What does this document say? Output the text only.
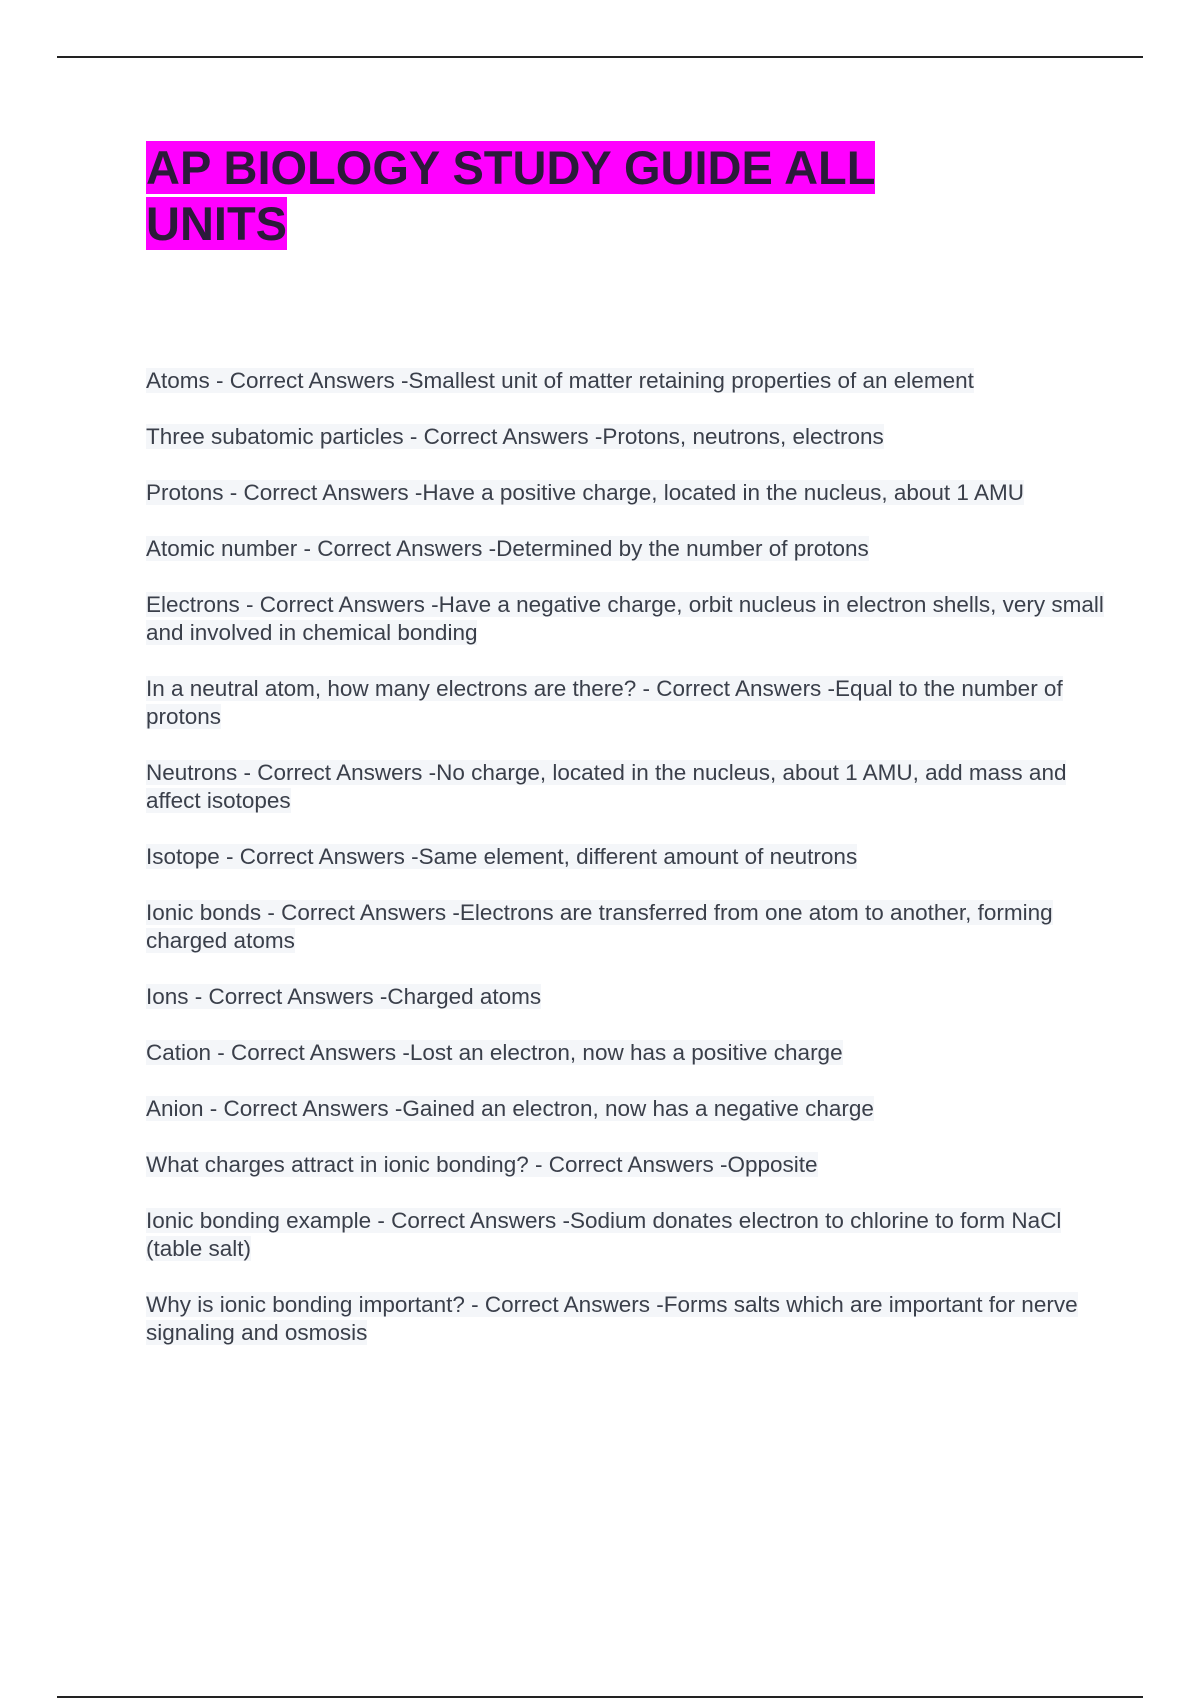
AP BIOLOGY STUDY GUIDE ALL UNITS
Atoms - Correct Answers -Smallest unit of matter retaining properties of an element
Three subatomic particles - Correct Answers -Protons, neutrons, electrons
Protons - Correct Answers -Have a positive charge, located in the nucleus, about 1 AMU
Atomic number - Correct Answers -Determined by the number of protons
Electrons - Correct Answers -Have a negative charge, orbit nucleus in electron shells, very small and involved in chemical bonding
In a neutral atom, how many electrons are there? - Correct Answers -Equal to the number of protons
Neutrons - Correct Answers -No charge, located in the nucleus, about 1 AMU, add mass and affect isotopes
Isotope - Correct Answers -Same element, different amount of neutrons
Ionic bonds - Correct Answers -Electrons are transferred from one atom to another, forming charged atoms
Ions - Correct Answers -Charged atoms
Cation - Correct Answers -Lost an electron, now has a positive charge
Anion - Correct Answers -Gained an electron, now has a negative charge
What charges attract in ionic bonding? - Correct Answers -Opposite
Ionic bonding example - Correct Answers -Sodium donates electron to chlorine to form NaCl (table salt)
Why is ionic bonding important? - Correct Answers -Forms salts which are important for nerve signaling and osmosis
